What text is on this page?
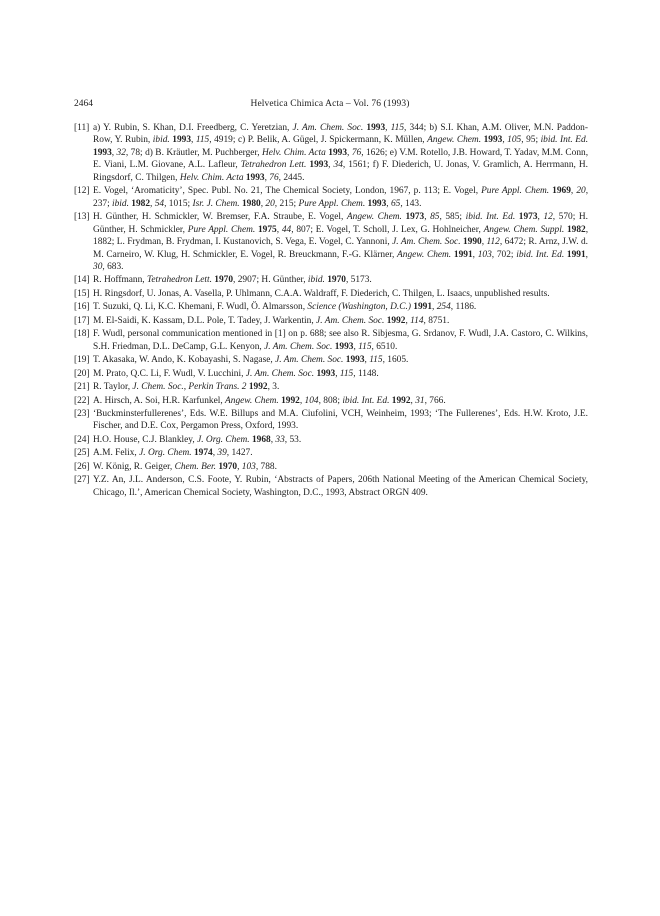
2464	Helvetica Chimica Acta – Vol. 76 (1993)
[11] a) Y. Rubin, S. Khan, D.I. Freedberg, C. Yeretzian, J. Am. Chem. Soc. 1993, 115, 344; b) S.I. Khan, A.M. Oliver, M.N. Paddon-Row, Y. Rubin, ibid. 1993, 115, 4919; c) P. Belik, A. Gügel, J. Spickermann, K. Müllen, Angew. Chem. 1993, 105, 95; ibid. Int. Ed. 1993, 32, 78; d) B. Kräutler, M. Puchberger, Helv. Chim. Acta 1993, 76, 1626; e) V.M. Rotello, J.B. Howard, T. Yadav, M.M. Conn, E. Viani, L.M. Giovane, A.L. Lafleur, Tetrahedron Lett. 1993, 34, 1561; f) F. Diederich, U. Jonas, V. Gramlich, A. Herrmann, H. Ringsdorf, C. Thilgen, Helv. Chim. Acta 1993, 76, 2445.
[12] E. Vogel, ‘Aromaticity’, Spec. Publ. No. 21, The Chemical Society, London, 1967, p. 113; E. Vogel, Pure Appl. Chem. 1969, 20, 237; ibid. 1982, 54, 1015; Isr. J. Chem. 1980, 20, 215; Pure Appl. Chem. 1993, 65, 143.
[13] H. Günther, H. Schmickler, W. Bremser, F.A. Straube, E. Vogel, Angew. Chem. 1973, 85, 585; ibid. Int. Ed. 1973, 12, 570; H. Günther, H. Schmickler, Pure Appl. Chem. 1975, 44, 807; E. Vogel, T. Scholl, J. Lex, G. Hohlneicher, Angew. Chem. Suppl. 1982, 1882; L. Frydman, B. Frydman, I. Kustanovich, S. Vega, E. Vogel, C. Yannoni, J. Am. Chem. Soc. 1990, 112, 6472; R. Arnz, J.W. d. M. Carneiro, W. Klug, H. Schmickler, E. Vogel, R. Breuckmann, F.-G. Klärner, Angew. Chem. 1991, 103, 702; ibid. Int. Ed. 1991, 30, 683.
[14] R. Hoffmann, Tetrahedron Lett. 1970, 2907; H. Günther, ibid. 1970, 5173.
[15] H. Ringsdorf, U. Jonas, A. Vasella, P. Uhlmann, C.A.A. Waldraff, F. Diederich, C. Thilgen, L. Isaacs, unpublished results.
[16] T. Suzuki, Q. Li, K.C. Khemani, F. Wudl, Ö. Almarsson, Science (Washington, D.C.) 1991, 254, 1186.
[17] M. El-Saidi, K. Kassam, D.L. Pole, T. Tadey, J. Warkentin, J. Am. Chem. Soc. 1992, 114, 8751.
[18] F. Wudl, personal communication mentioned in [1] on p. 688; see also R. Sibjesma, G. Srdanov, F. Wudl, J.A. Castoro, C. Wilkins, S.H. Friedman, D.L. DeCamp, G.L. Kenyon, J. Am. Chem. Soc. 1993, 115, 6510.
[19] T. Akasaka, W. Ando, K. Kobayashi, S. Nagase, J. Am. Chem. Soc. 1993, 115, 1605.
[20] M. Prato, Q.C. Li, F. Wudl, V. Lucchini, J. Am. Chem. Soc. 1993, 115, 1148.
[21] R. Taylor, J. Chem. Soc., Perkin Trans. 2 1992, 3.
[22] A. Hirsch, A. Soi, H.R. Karfunkel, Angew. Chem. 1992, 104, 808; ibid. Int. Ed. 1992, 31, 766.
[23] ‘Buckminsterfullerenes’, Eds. W.E. Billups and M.A. Ciufolini, VCH, Weinheim, 1993; ‘The Fullerenes’, Eds. H.W. Kroto, J.E. Fischer, and D.E. Cox, Pergamon Press, Oxford, 1993.
[24] H.O. House, C.J. Blankley, J. Org. Chem. 1968, 33, 53.
[25] A.M. Felix, J. Org. Chem. 1974, 39, 1427.
[26] W. König, R. Geiger, Chem. Ber. 1970, 103, 788.
[27] Y.Z. An, J.L. Anderson, C.S. Foote, Y. Rubin, ‘Abstracts of Papers, 206th National Meeting of the American Chemical Society, Chicago, Il.’, American Chemical Society, Washington, D.C., 1993, Abstract ORGN 409.
